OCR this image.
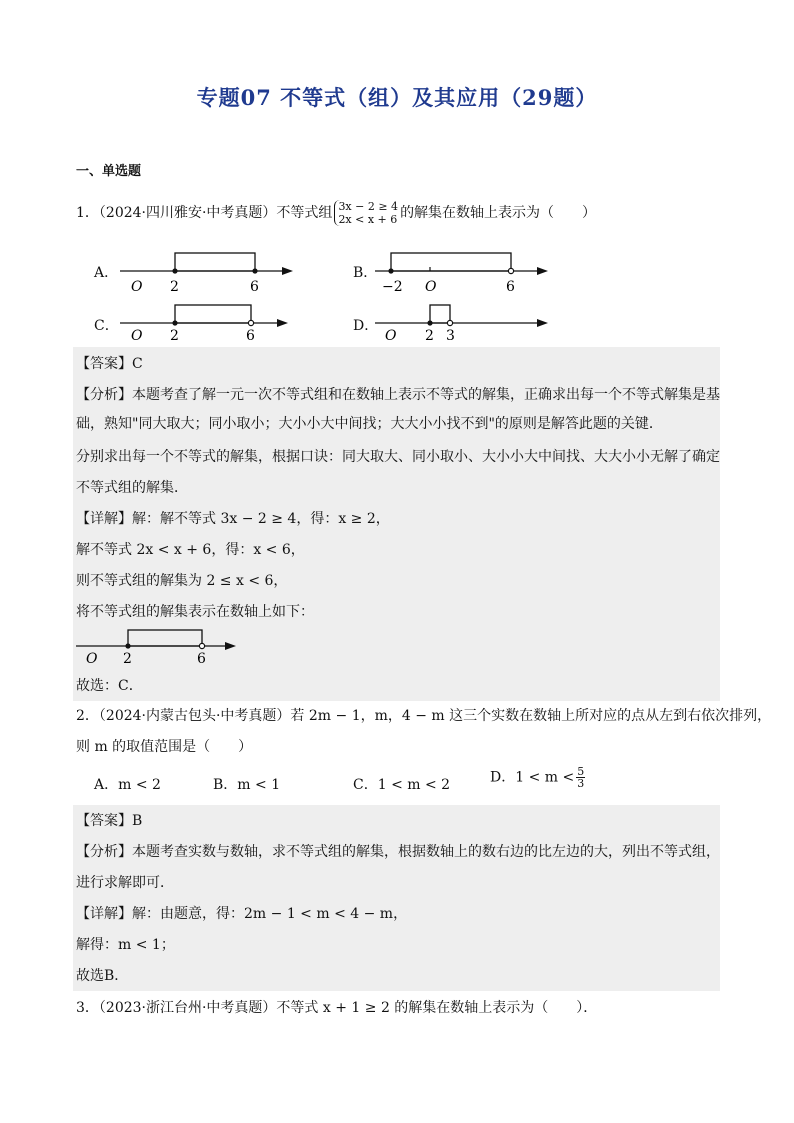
专题07 不等式（组）及其应用（29题）
一、单选题
1．（2024·四川雅安·中考真题）不等式组 3x − 2 ≥ 4
2x < x + 6 的解集在数轴上表示为（　　）
A．
O 2	6
B．
−2 O	6
C．
O 2	6
D．
O 2 3
【答案】C
【分析】本题考查了解一元一次不等式组和在数轴上表示不等式的解集，正确求出每一个不等式解集是基
础，熟知"同大取大；同小取小；大小小大中间找；大大小小找不到"的原则是解答此题的关键．
分别求出每一个不等式的解集，根据口诀：同大取大、同小取小、大小小大中间找、大大小小无解了确定
不等式组的解集．
【详解】解：解不等式 3x − 2 ≥ 4，得：x ≥ 2，
解不等式 2x < x + 6，得：x < 6，
则不等式组的解集为 2 ≤ x < 6，
将不等式组的解集表示在数轴上如下：
O 2	6
故选：C．
2．（2024·内蒙古包头·中考真题）若 2m − 1，m，4 − m 这三个实数在数轴上所对应的点从左到右依次排列，
则 m 的取值范围是（　　）
A．m < 2	B．m < 1	C．1 < m < 2	D．$1 < m < \frac{5}{3}$
【答案】B
【分析】本题考查实数与数轴，求不等式组的解集，根据数轴上的数右边的比左边的大，列出不等式组，
进行求解即可．
【详解】解：由题意，得：2m − 1 < m < 4 − m，
解得：m < 1；
故选B．
3．（2023·浙江台州·中考真题）不等式 x + 1 ≥ 2 的解集在数轴上表示为（　　）．
